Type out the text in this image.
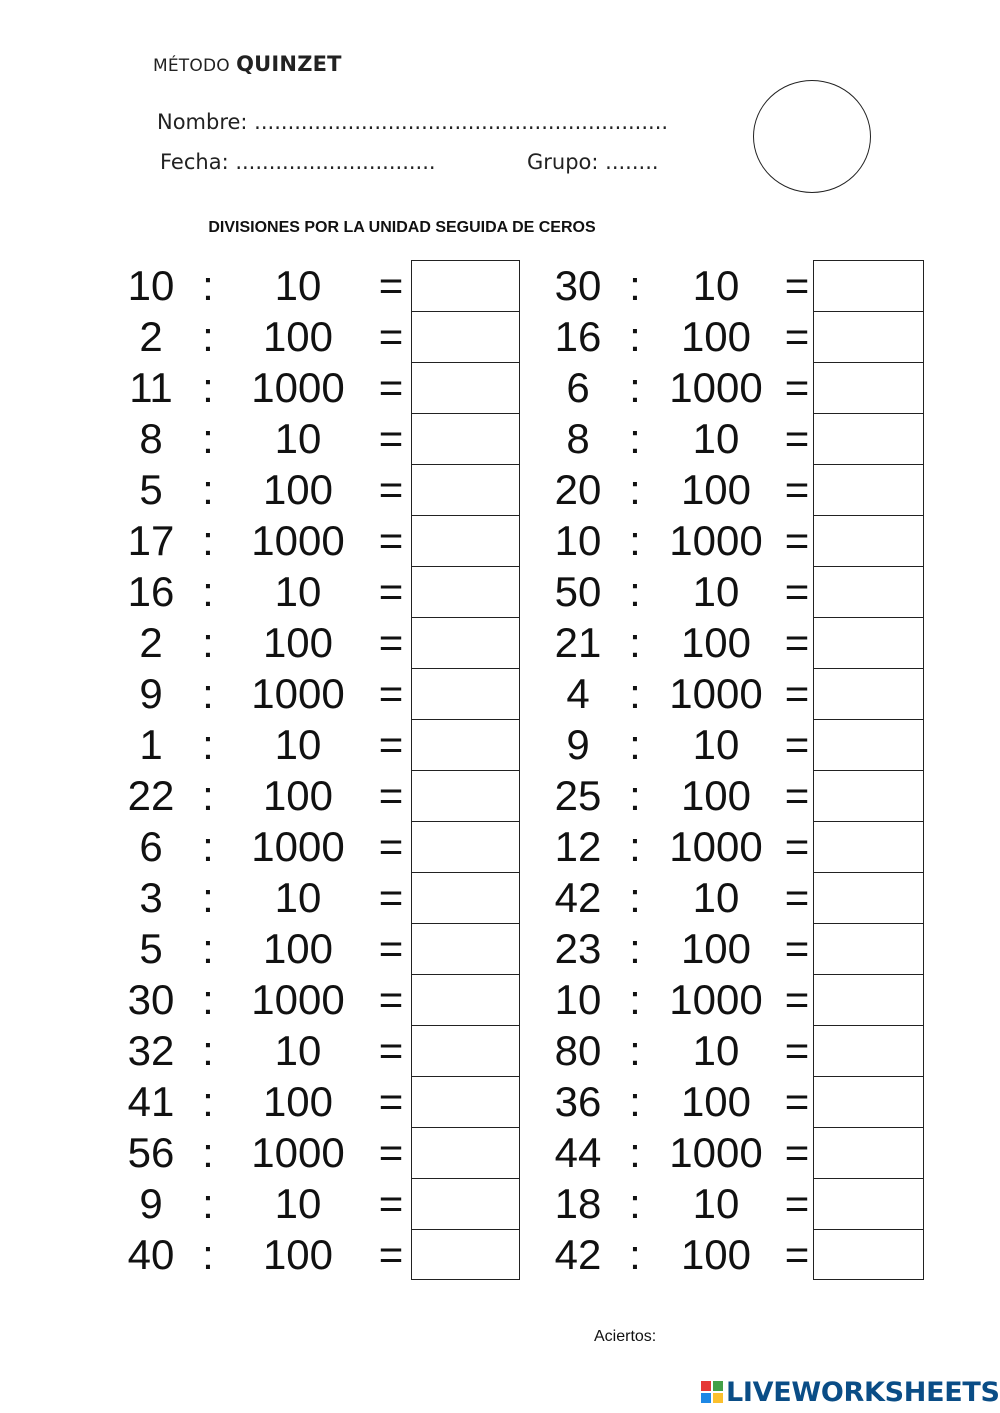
MÉTODO QUINZET
Nombre: ..............................................................
Fecha: ..............................	Grupo: ........
DIVISIONES POR LA UNIDAD SEGUIDA DE CEROS
10 :	10	=
2 :	100	=
11 : 1000 =
8 :	10	=
5 :	100	=
17 : 1000 =
16 :	10	=
2 :	100	=
9 : 1000 =
1 :	10	=
22 :	100	=
6 : 1000 =
3 :	10	=
5 :	100	=
30 : 1000 =
32 :	10	=
41 :	100	=
56 : 1000 =
9 :	10	=
40 :	100	=
30 :	10	=
16 : 100 =
6 : 1000 =
8 :	10	=
20 : 100 =
10 : 1000 =
50 :	10	=
21 : 100 =
4 : 1000 =
9 :	10	=
25 : 100 =
12 : 1000 =
42 :	10	=
23 : 100 =
10 : 1000 =
80 :	10	=
36 : 100 =
44 : 1000 =
18 :	10	=
42 : 100 =
Aciertos:
LIVEWORKSHEETS
